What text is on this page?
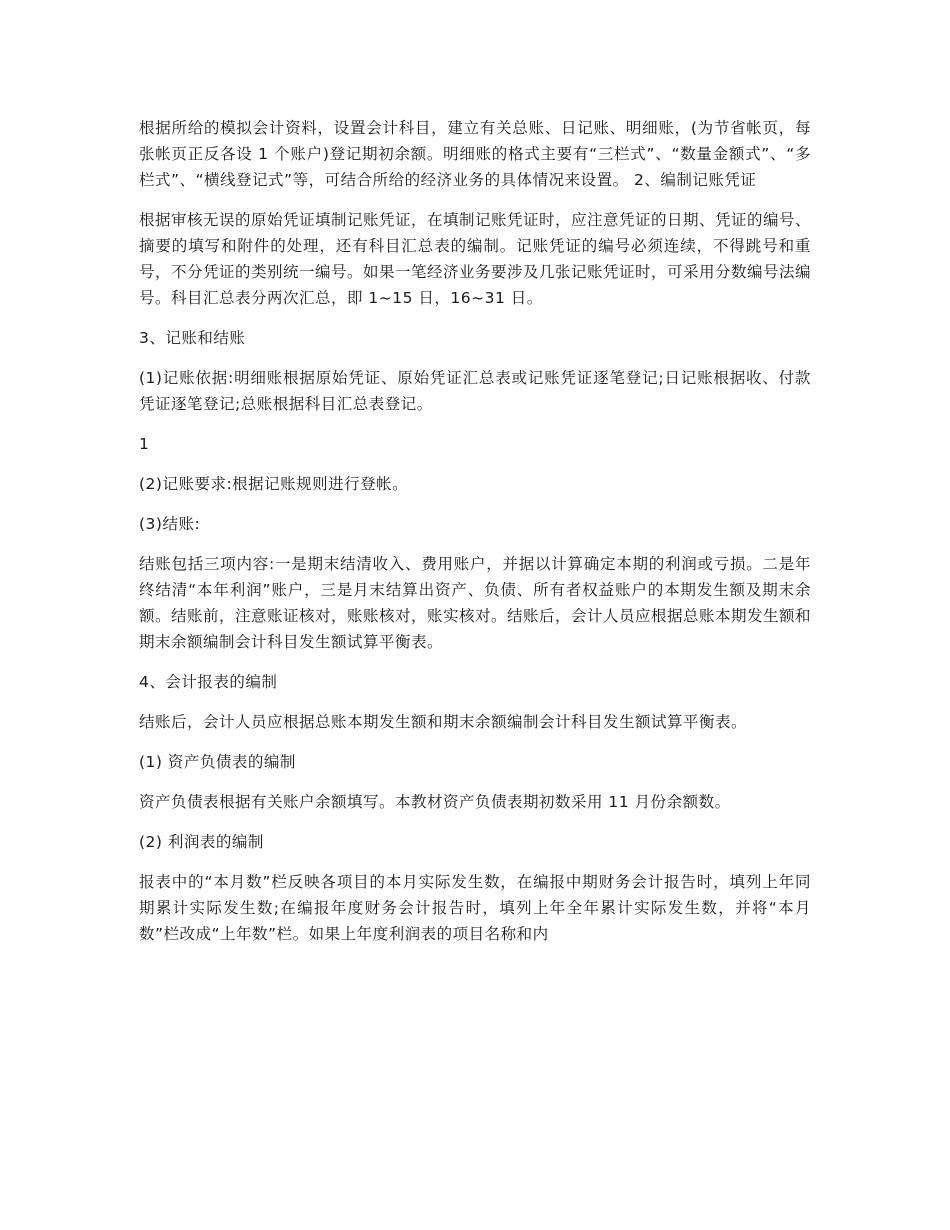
根据所给的模拟会计资料，设置会计科目，建立有关总账、日记账、明细账，(为节省帐页，每张帐页正反各设 1 个账户)登记期初余额。明细账的格式主要有“三栏式”、“数量金额式”、“多栏式”、“横线登记式”等，可结合所给的经济业务的具体情况来设置。 2、编制记账凭证

根据审核无误的原始凭证填制记账凭证，在填制记账凭证时，应注意凭证的日期、凭证的编号、摘要的填写和附件的处理，还有科目汇总表的编制。记账凭证的编号必须连续，不得跳号和重号，不分凭证的类别统一编号。如果一笔经济业务要涉及几张记账凭证时，可采用分数编号法编号。科目汇总表分两次汇总，即 1~15 日，16~31 日。

3、记账和结账

(1)记账依据:明细账根据原始凭证、原始凭证汇总表或记账凭证逐笔登记;日记账根据收、付款凭证逐笔登记;总账根据科目汇总表登记。

1

(2)记账要求:根据记账规则进行登帐。

(3)结账:

结账包括三项内容:一是期末结清收入、费用账户，并据以计算确定本期的利润或亏损。二是年终结清“本年利润”账户，三是月末结算出资产、负债、所有者权益账户的本期发生额及期末余额。结账前，注意账证核对，账账核对，账实核对。结账后，会计人员应根据总账本期发生额和期末余额编制会计科目发生额试算平衡表。

4、会计报表的编制

结账后，会计人员应根据总账本期发生额和期末余额编制会计科目发生额试算平衡表。

(1) 资产负债表的编制

资产负债表根据有关账户余额填写。本教材资产负债表期初数采用 11 月份余额数。

(2) 利润表的编制

报表中的“本月数”栏反映各项目的本月实际发生数，在编报中期财务会计报告时，填列上年同期累计实际发生数;在编报年度财务会计报告时，填列上年全年累计实际发生数，并将“本月数”栏改成“上年数”栏。如果上年度利润表的项目名称和内
